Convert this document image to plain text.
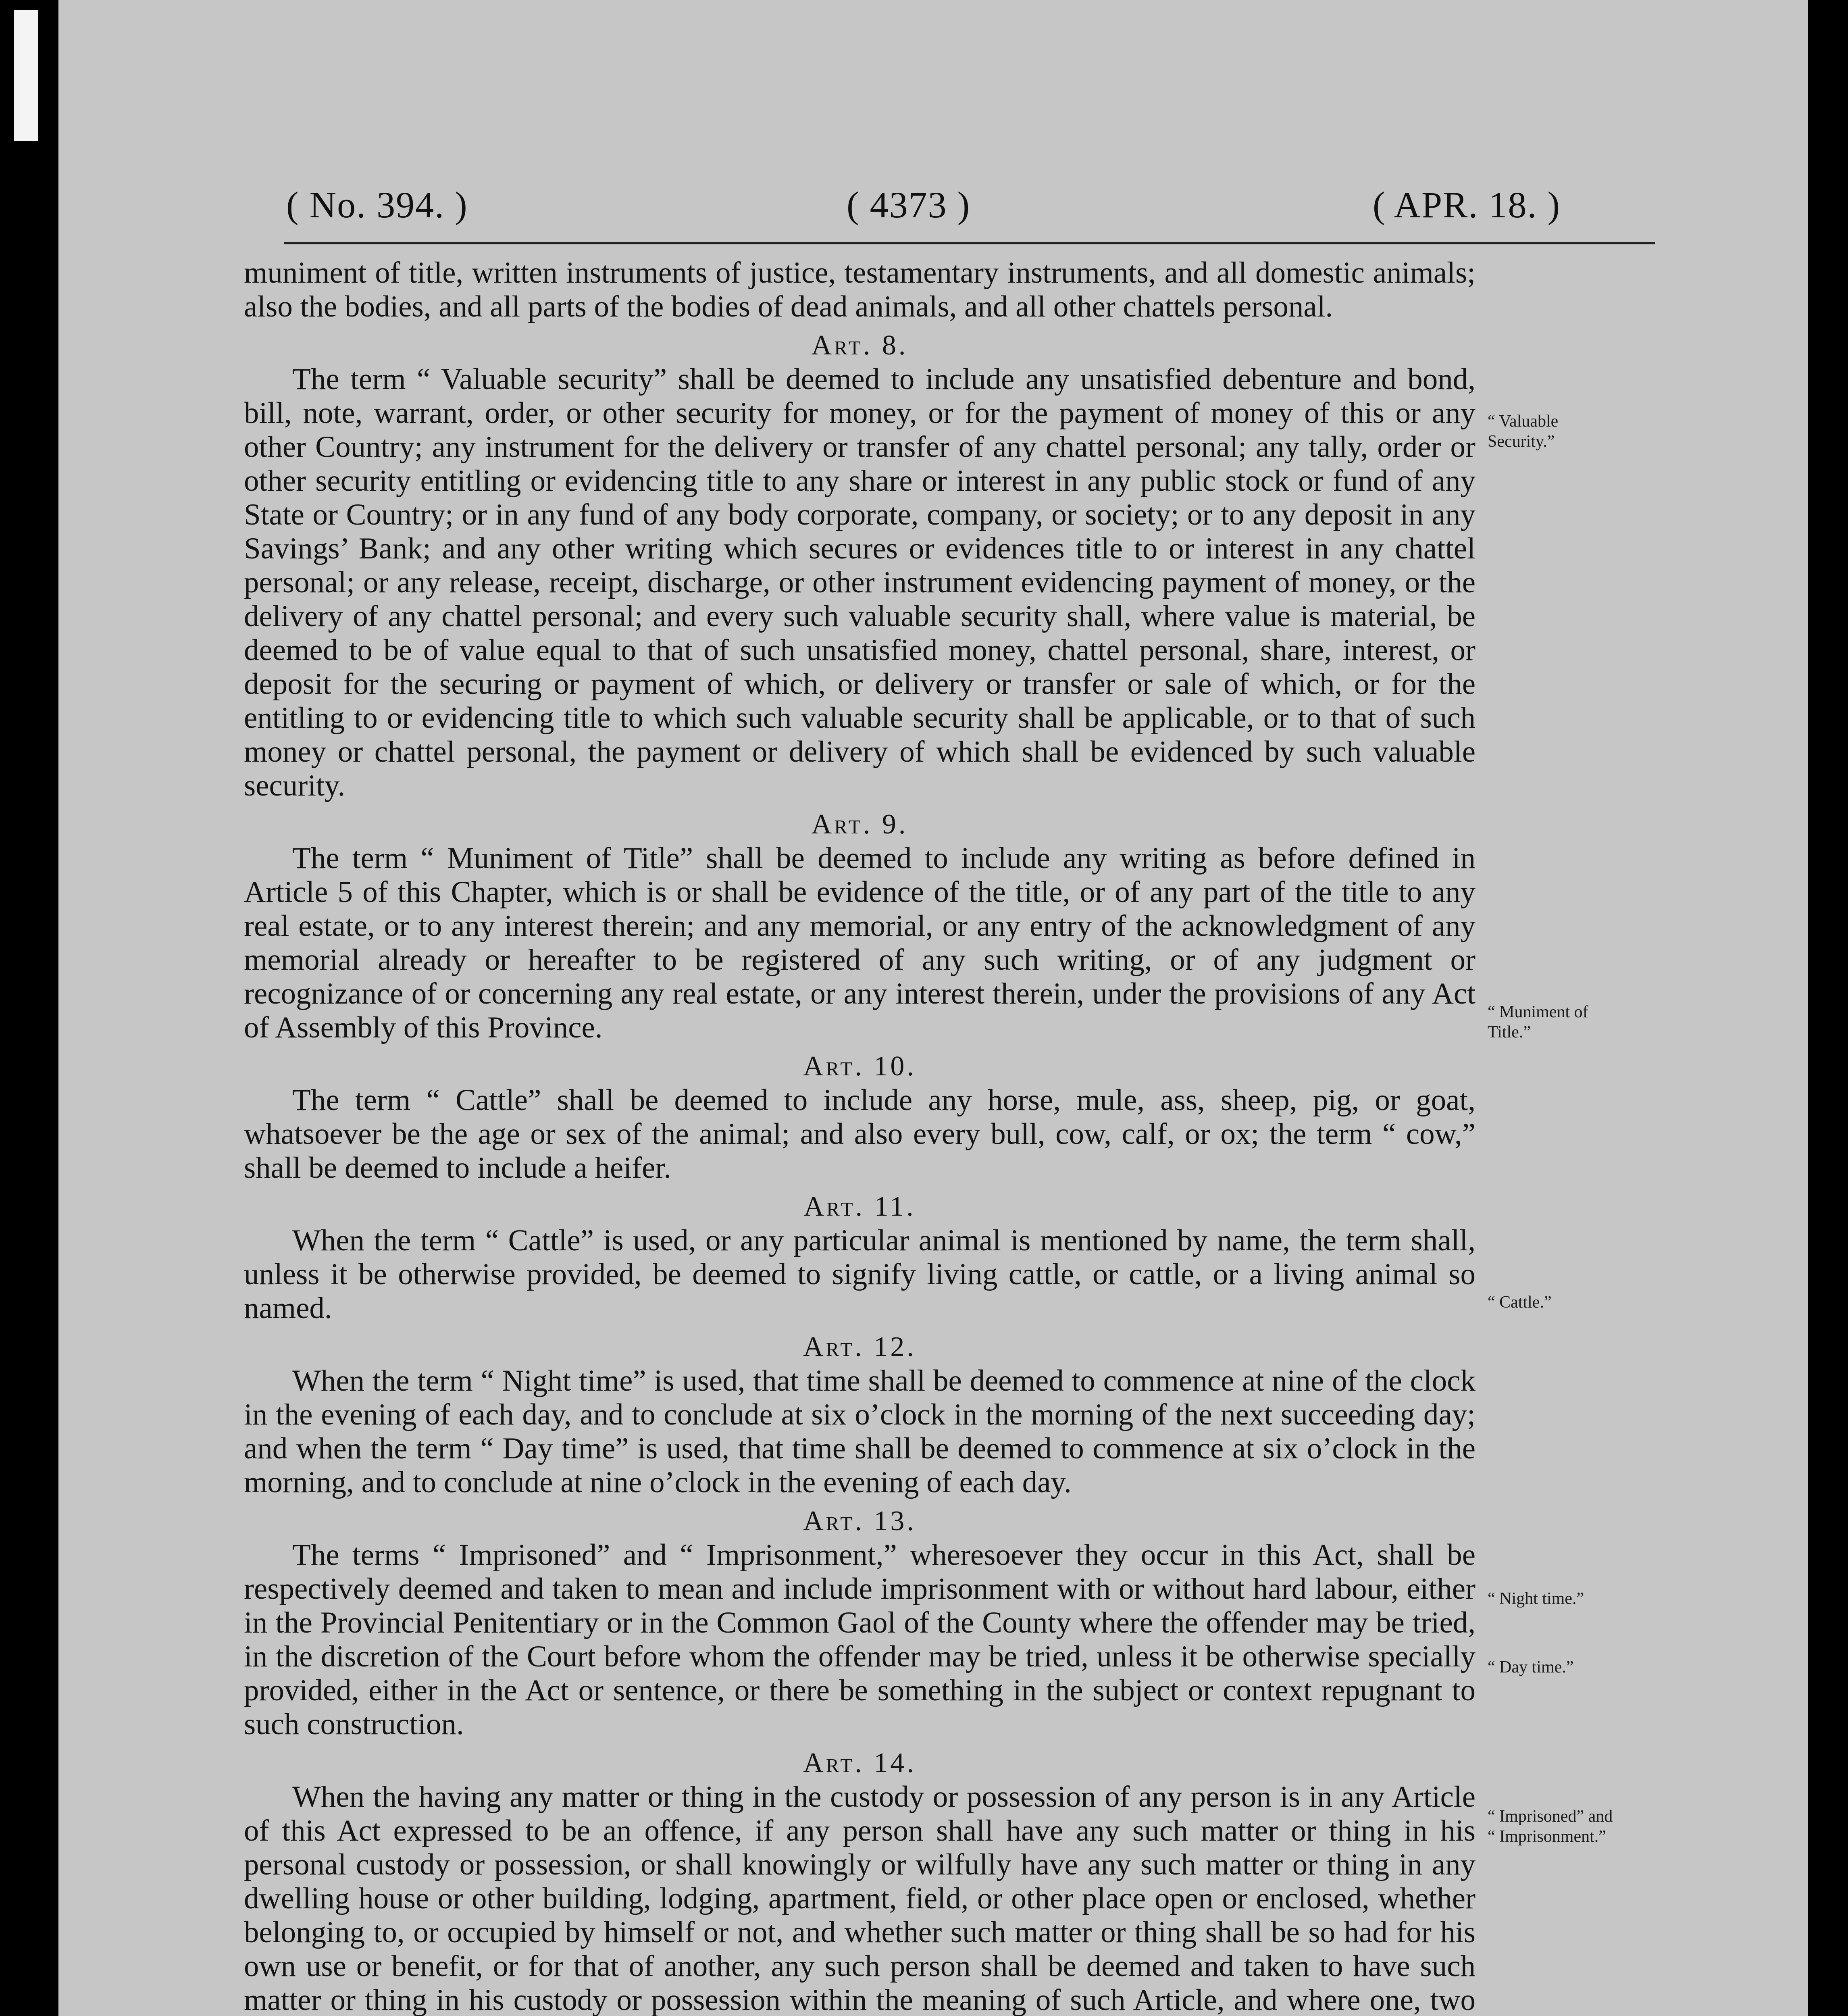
( No. 394. )	( 4373 )	( APR. 18. )

muniment of title, written instruments of justice, testamentary instruments, and all domestic animals; also the bodies, and all parts of the bodies of dead animals, and all other chattels personal.

Art. 8.

The term “ Valuable security” shall be deemed to include any unsatisfied debenture and bond, bill, note, warrant, order, or other security for money, or for the payment of money of this or any other Country; any instrument for the delivery or transfer of any chattel personal; any tally, order or other security entitling or evidencing title to any share or interest in any public stock or fund of any State or Country; or in any fund of any body corporate, company, or society; or to any deposit in any Savings’ Bank; and any other writing which secures or evidences title to or interest in any chattel personal; or any release, receipt, discharge, or other instrument evidencing payment of money, or the delivery of any chattel personal; and every such valuable security shall, where value is material, be deemed to be of value equal to that of such unsatisfied money, chattel personal, share, interest, or deposit for the securing or payment of which, or delivery or transfer or sale of which, or for the entitling to or evidencing title to which such valuable security shall be applicable, or to that of such money or chattel personal, the payment or delivery of which shall be evidenced by such valuable security.

Art. 9.

The term “ Muniment of Title” shall be deemed to include any writing as before defined in Article 5 of this Chapter, which is or shall be evidence of the title, or of any part of the title to any real estate, or to any interest therein; and any memorial, or any entry of the acknowledgment of any memorial already or hereafter to be registered of any such writing, or of any judgment or recognizance of or concerning any real estate, or any interest therein, under the provisions of any Act of Assembly of this Province.

Art. 10.

The term “ Cattle” shall be deemed to include any horse, mule, ass, sheep, pig, or goat, whatsoever be the age or sex of the animal; and also every bull, cow, calf, or ox; the term “ cow,” shall be deemed to include a heifer.

Art. 11.

When the term “ Cattle” is used, or any particular animal is mentioned by name, the term shall, unless it be otherwise provided, be deemed to signify living cattle, or cattle, or a living animal so named.

Art. 12.

When the term “ Night time” is used, that time shall be deemed to commence at nine of the clock in the evening of each day, and to conclude at six o’clock in the morning of the next succeeding day; and when the term “ Day time” is used, that time shall be deemed to commence at six o’clock in the morning, and to conclude at nine o’clock in the evening of each day.

Art. 13.

The terms “ Imprisoned” and “ Imprisonment,” wheresoever they occur in this Act, shall be respectively deemed and taken to mean and include imprisonment with or without hard labour, either in the Provincial Penitentiary or in the Common Gaol of the County where the offender may be tried, in the discretion of the Court before whom the offender may be tried, unless it be otherwise specially provided, either in the Act or sentence, or there be something in the subject or context repugnant to such construction.

Art. 14.

When the having any matter or thing in the custody or possession of any person is in any Article of this Act expressed to be an offence, if any person shall have any such matter or thing in his personal custody or possession, or shall knowingly or wilfully have any such matter or thing in any dwelling house or other building, lodging, apartment, field, or other place open or enclosed, whether belonging to, or occupied by himself or not, and whether such matter or thing shall be so had for his own use or benefit, or for that of another, any such person shall be deemed and taken to have such matter or thing in his custody or possession within the meaning of such Article, and where one, two

“ Valuable
Security.”
“ Muniment of
Title.”
“ Cattle.”
“ Night time.”
“ Day time.”
“ Imprisoned” and
“ Imprisonment.”
